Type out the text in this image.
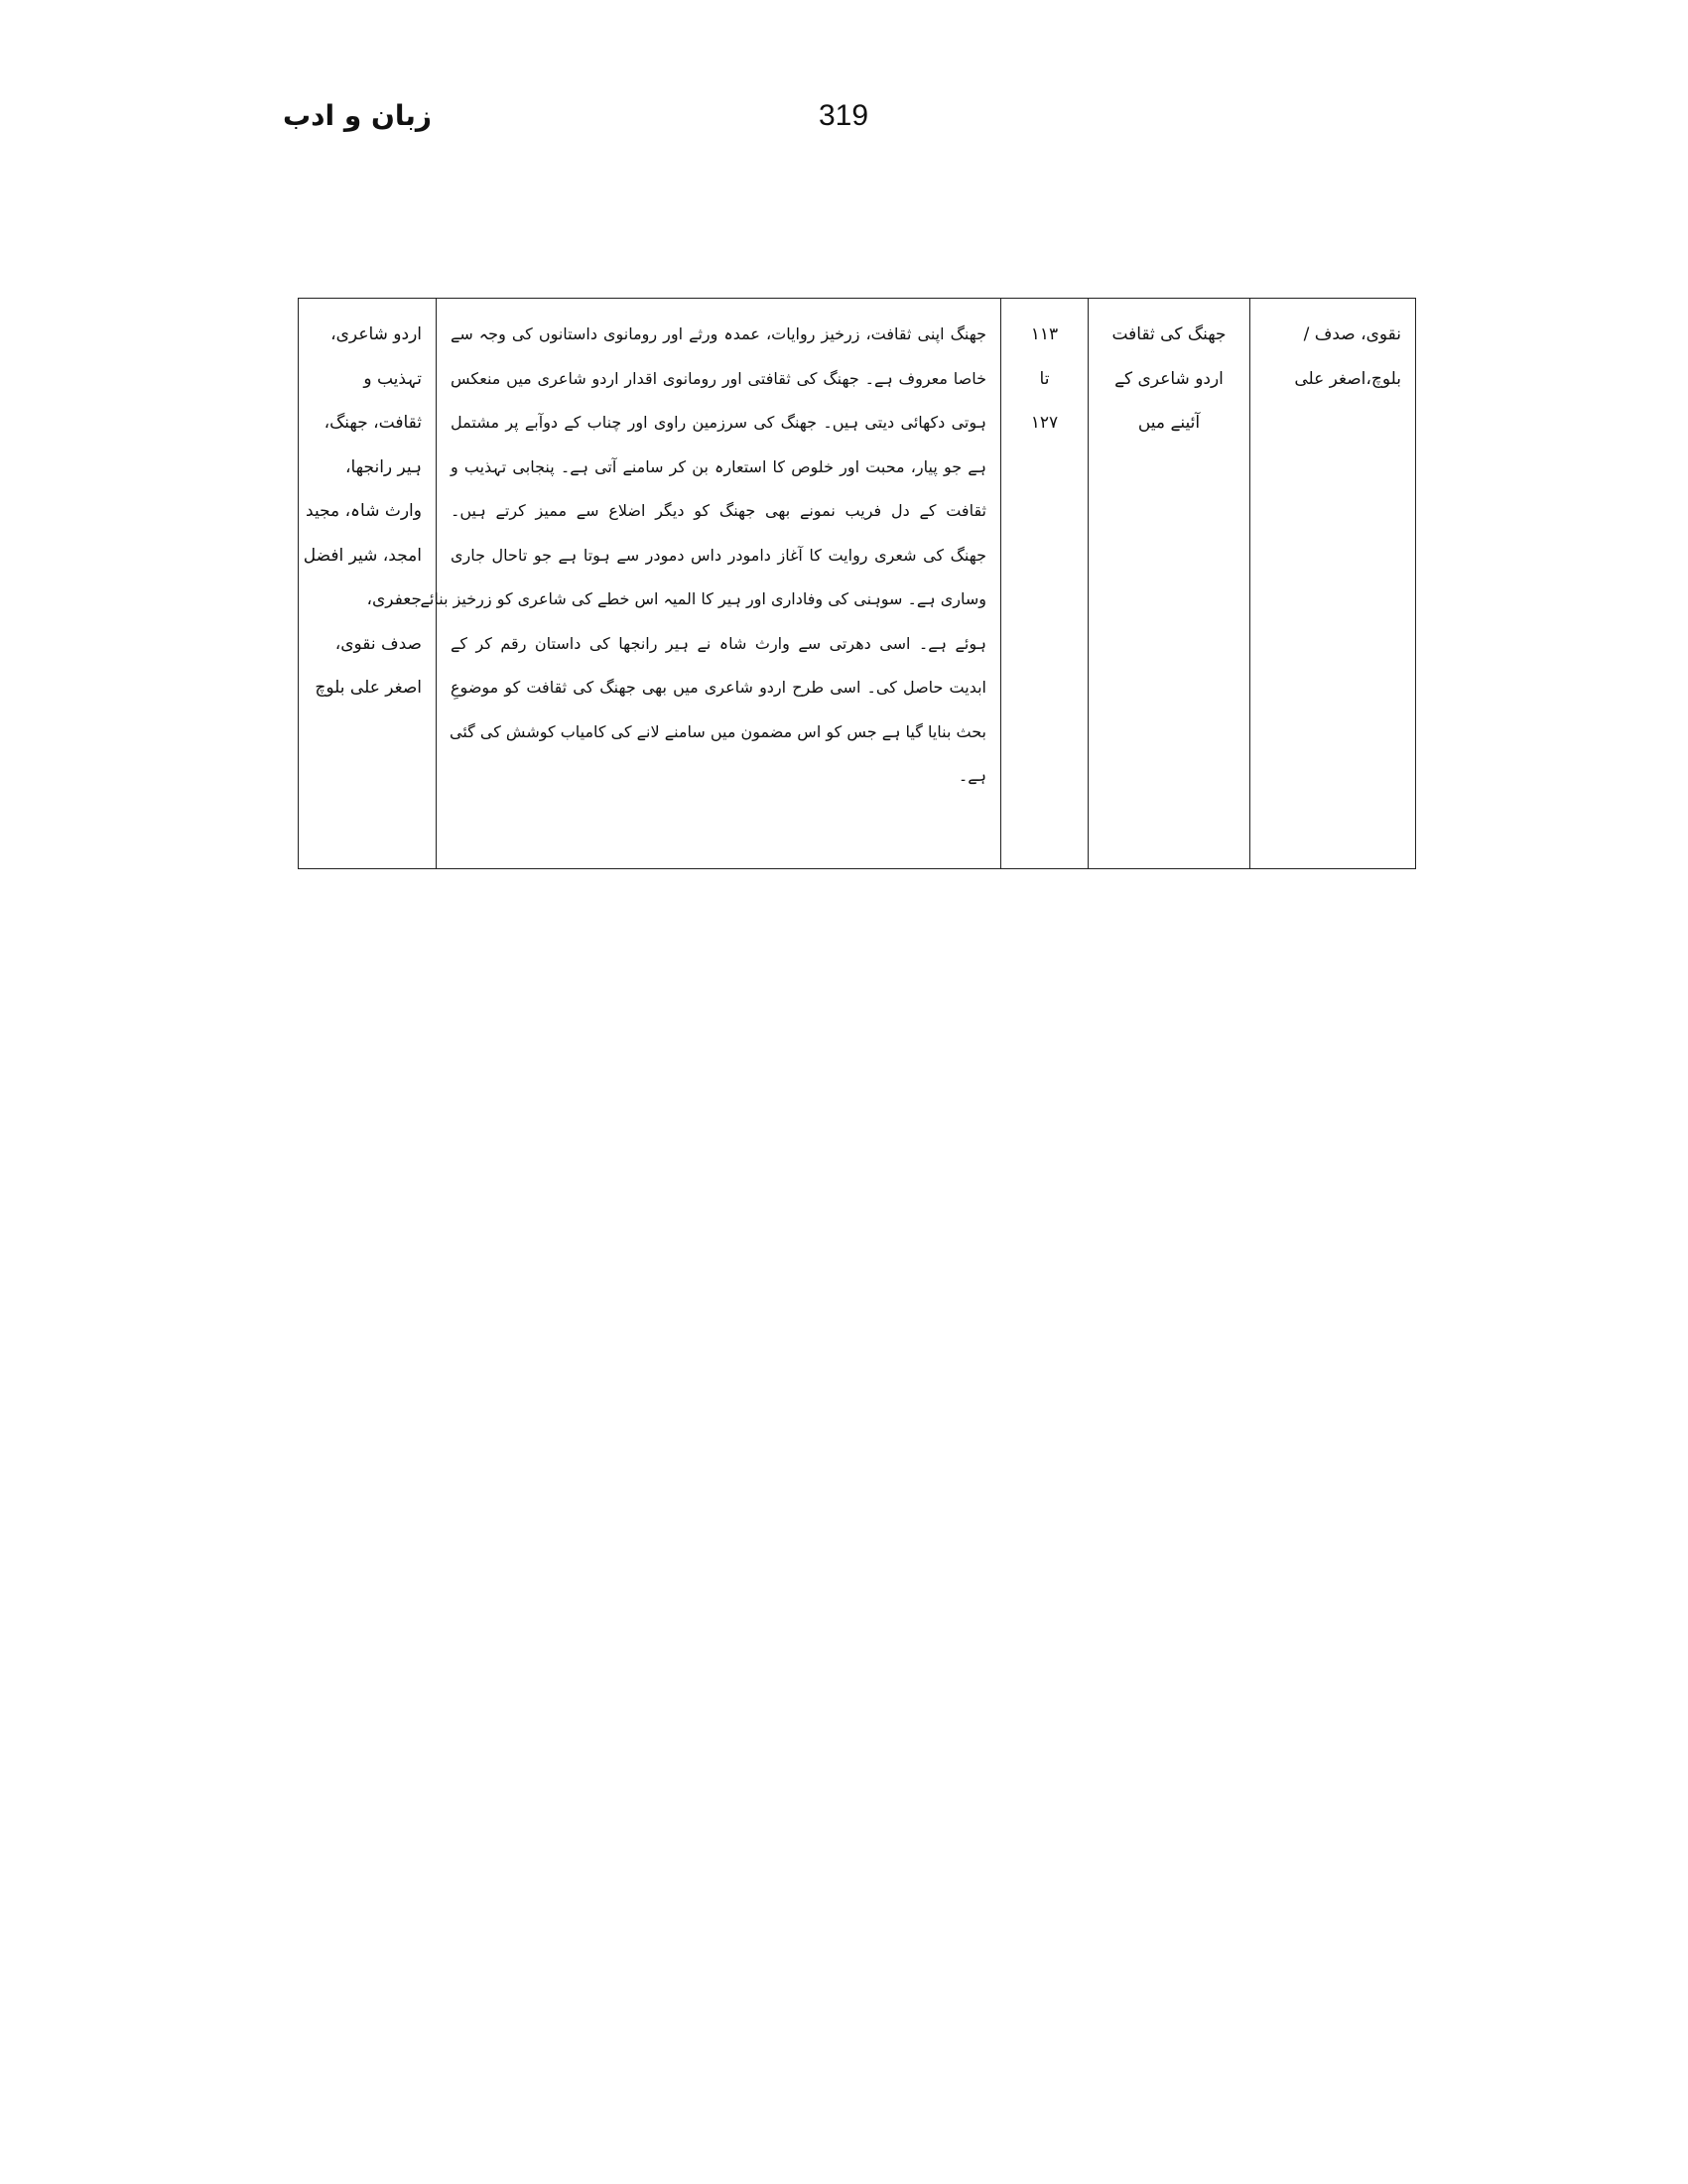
زبان و ادب	319
نقوی، صدف /
بلوچ،اصغر علی

جھنگ کی ثقافت
اردو شاعری کے
آئینے میں

۱۱۳
تا
۱۲۷

جھنگ اپنی ثقافت، زرخیز روایات، عمدہ ورثے اور رومانوی داستانوں کی وجہ سے
خاصا معروف ہے۔ جھنگ کی ثقافتی اور رومانوی اقدار اردو شاعری میں منعکس
ہوتی دکھائی دیتی ہیں۔ جھنگ کی سرزمین راوی اور چناب کے دوآبے پر مشتمل
ہے جو پیار، محبت اور خلوص کا استعارہ بن کر سامنے آتی ہے۔ پنجابی تہذیب و
ثقافت کے دل فریب نمونے بھی جھنگ کو دیگر اضلاع سے ممیز کرتے ہیں۔
جھنگ کی شعری روایت کا آغاز دامودر داس دمودر سے ہوتا ہے جو تاحال جاری
وساری ہے۔ سوہنی کی وفاداری اور ہیر کا المیہ اس خطے کی شاعری کو زرخیز بنائے
ہوئے ہے۔ اسی دھرتی سے وارث شاہ نے ہیر رانجھا کی داستان رقم کر کے
ابدیت حاصل کی۔ اسی طرح اردو شاعری میں بھی جھنگ کی ثقافت کو موضوعِ
بحث بنایا گیا ہے جس کو اس مضمون میں سامنے لانے کی کامیاب کوشش کی گئی
ہے۔

اردو شاعری،
تہذیب و
ثقافت، جھنگ،
ہیر رانجھا،
وارث شاہ، مجید
امجد، شیر افضل
جعفری،
صدف نقوی،
اصغر علی بلوچ
